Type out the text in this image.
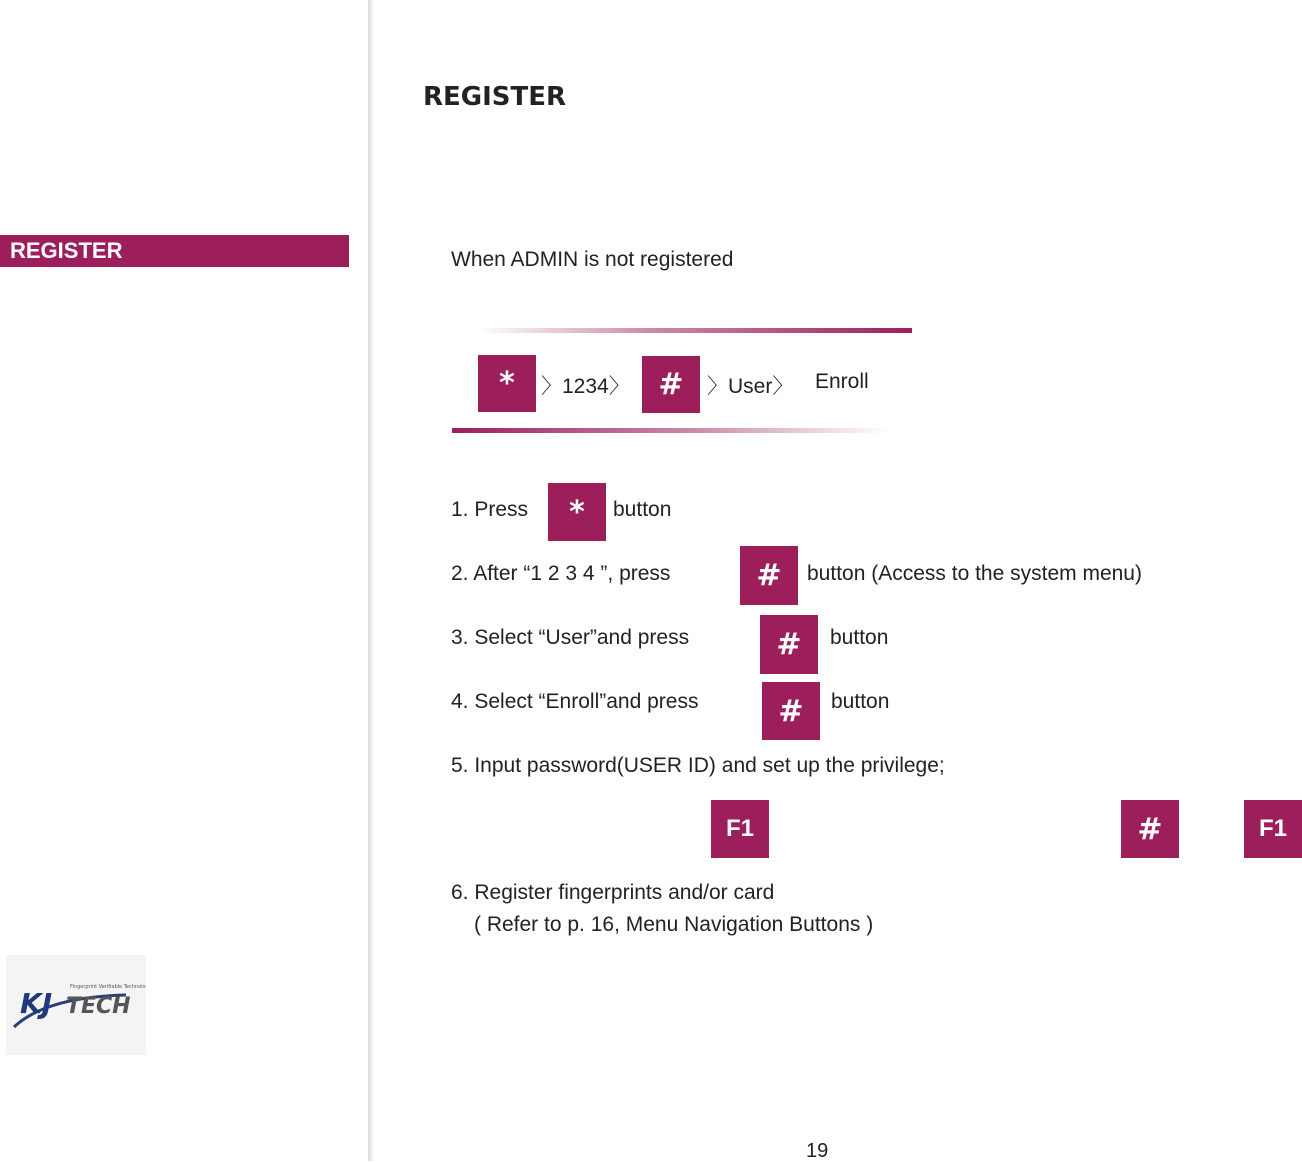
REGISTER
KJ TECH
Fingerprint Verifiable Technology
REGISTER
When ADMIN is not registered
*	〉1234〉 #	〉User〉 Enroll
1. Press	*	button
2. After “1 2 3 4 ”, press	#	button (Access to the system menu)
3. Select “User”and press	#	button
4. Select “Enroll”and press	#	button
5. Input password(USER ID) and set up the privilege;
F1	#	F1
6. Register fingerprints and/or card
( Refer to p. 16, Menu Navigation Buttons )
19
